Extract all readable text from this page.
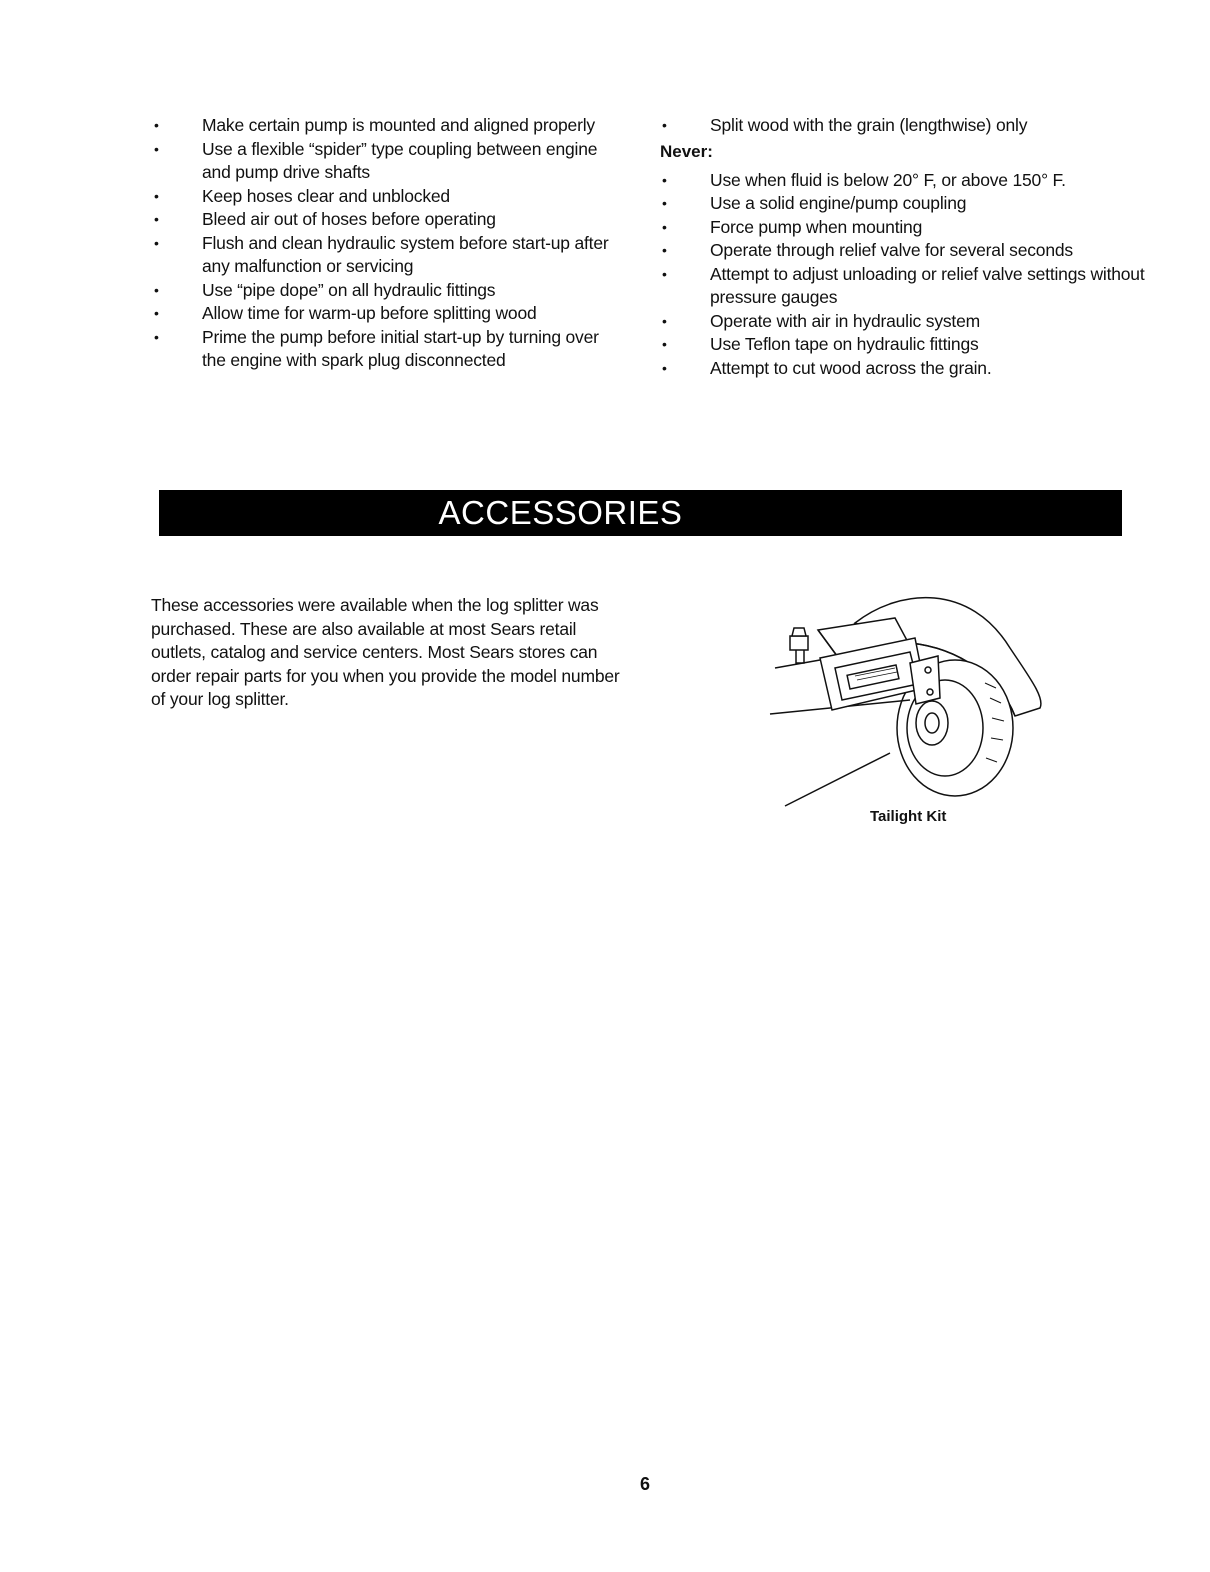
• Make certain pump is mounted and aligned properly
• Use a flexible “spider” type coupling between engine and pump drive shafts
• Keep hoses clear and unblocked
• Bleed air out of hoses before operating
• Flush and clean hydraulic system before start-up after any malfunction or servicing
• Use “pipe dope” on all hydraulic fittings
• Allow time for warm-up before splitting wood
• Prime the pump before initial start-up by turning over the engine with spark plug disconnected
• Split wood with the grain (lengthwise) only
Never:
• Use when fluid is below 20° F, or above 150° F.
• Use a solid engine/pump coupling
• Force pump when mounting
• Operate through relief valve for several seconds
• Attempt to adjust unloading or relief valve settings without pressure gauges
• Operate with air in hydraulic system
• Use Teflon tape on hydraulic fittings
• Attempt to cut wood across the grain.
ACCESSORIES

These accessories were available when the log splitter was purchased. These are also available at most Sears retail outlets, catalog and service centers. Most Sears stores can order repair parts for you when you provide the model number of your log splitter.

Tailight Kit
6
